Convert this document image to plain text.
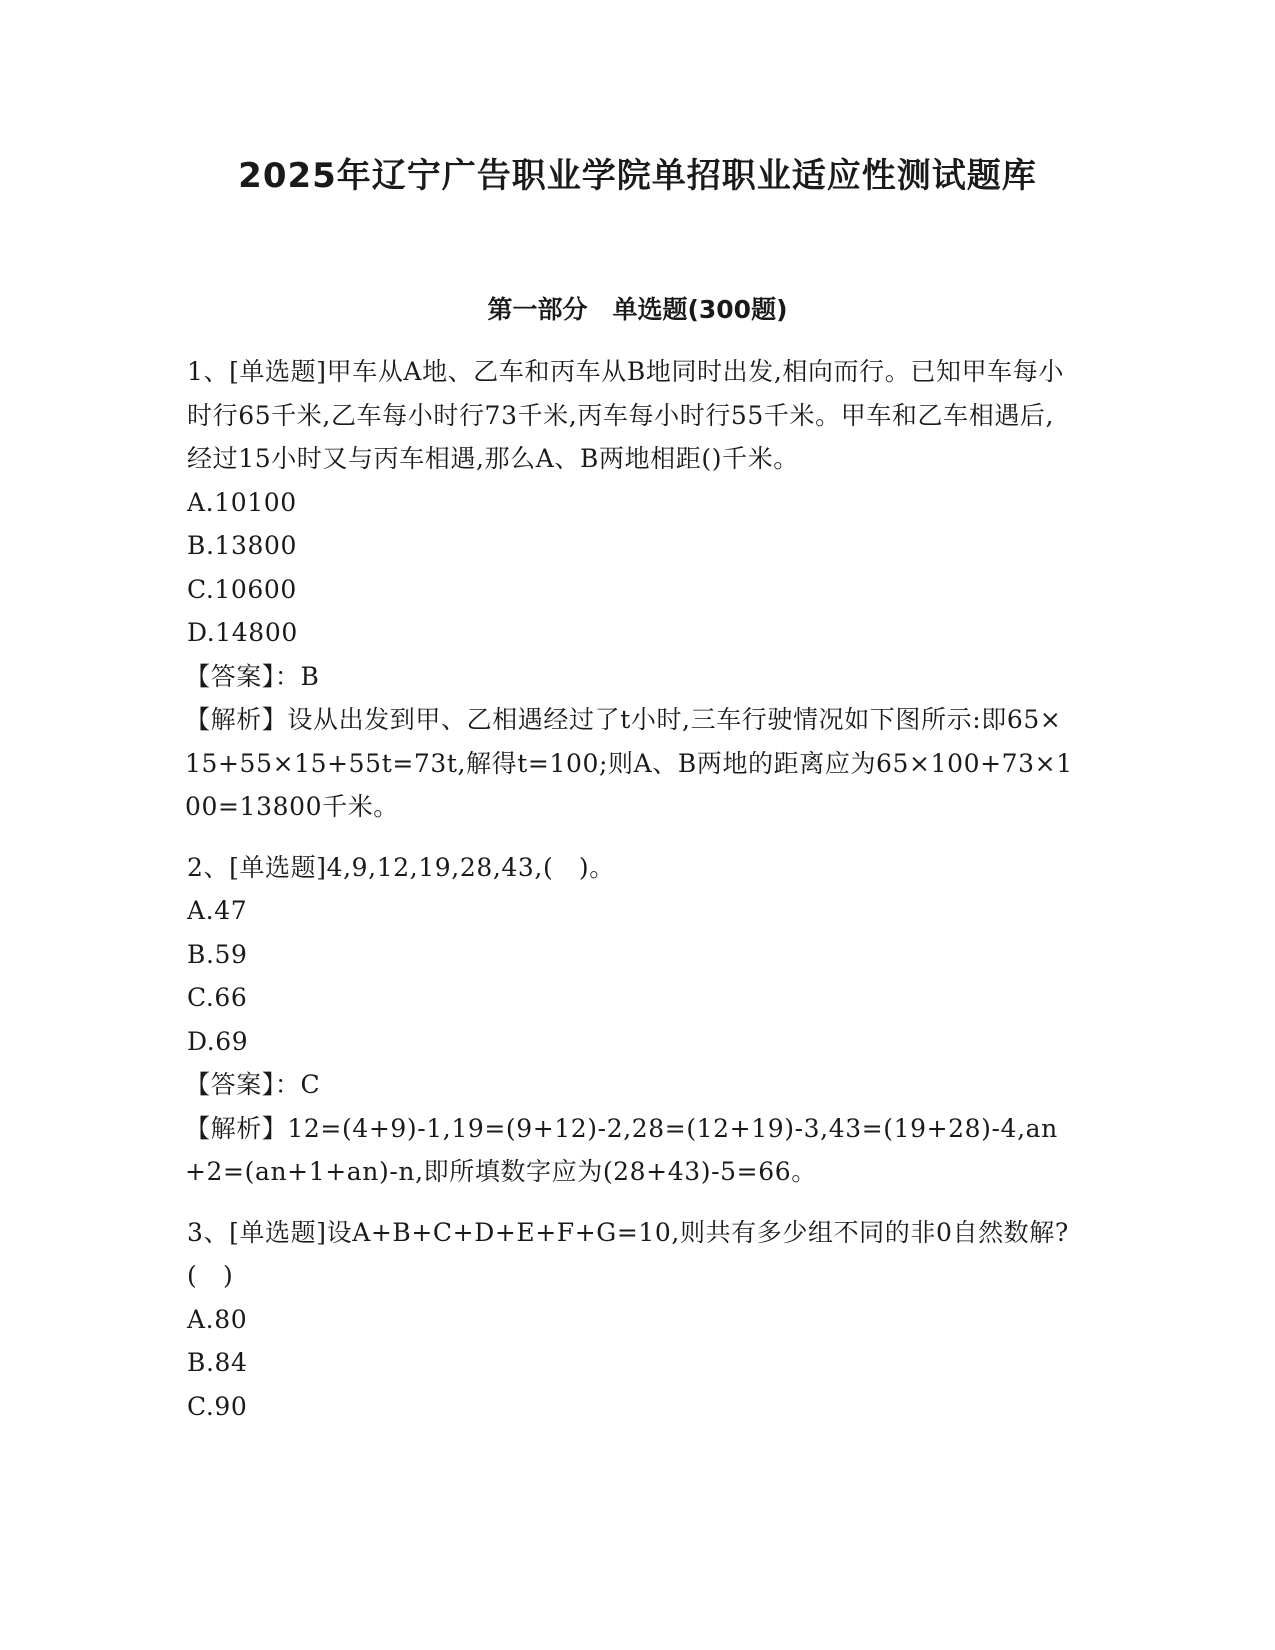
2025年辽宁广告职业学院单招职业适应性测试题库
第一部分　单选题(300题)

1、[单选题]甲车从A地、乙车和丙车从B地同时出发,相向而行。已知甲车每小时行65千米,乙车每小时行73千米,丙车每小时行55千米。甲车和乙车相遇后,经过15小时又与丙车相遇,那么A、B两地相距()千米。

A.10100

B.13800

C.10600

D.14800

【答案】：B

【解析】设从出发到甲、乙相遇经过了t小时,三车行驶情况如下图所示:即65×15+55×15+55t=73t,解得t=100;则A、B两地的距离应为65×100+73×100=13800千米。

2、[单选题]4,9,12,19,28,43,(　)。

A.47

B.59

C.66

D.69

【答案】：C

【解析】12=(4+9)-1,19=(9+12)-2,28=(12+19)-3,43=(19+28)-4,an+2=(an+1+an)-n,即所填数字应为(28+43)-5=66。

3、[单选题]设A+B+C+D+E+F+G=10,则共有多少组不同的非0自然数解?(　)

A.80

B.84

C.90
